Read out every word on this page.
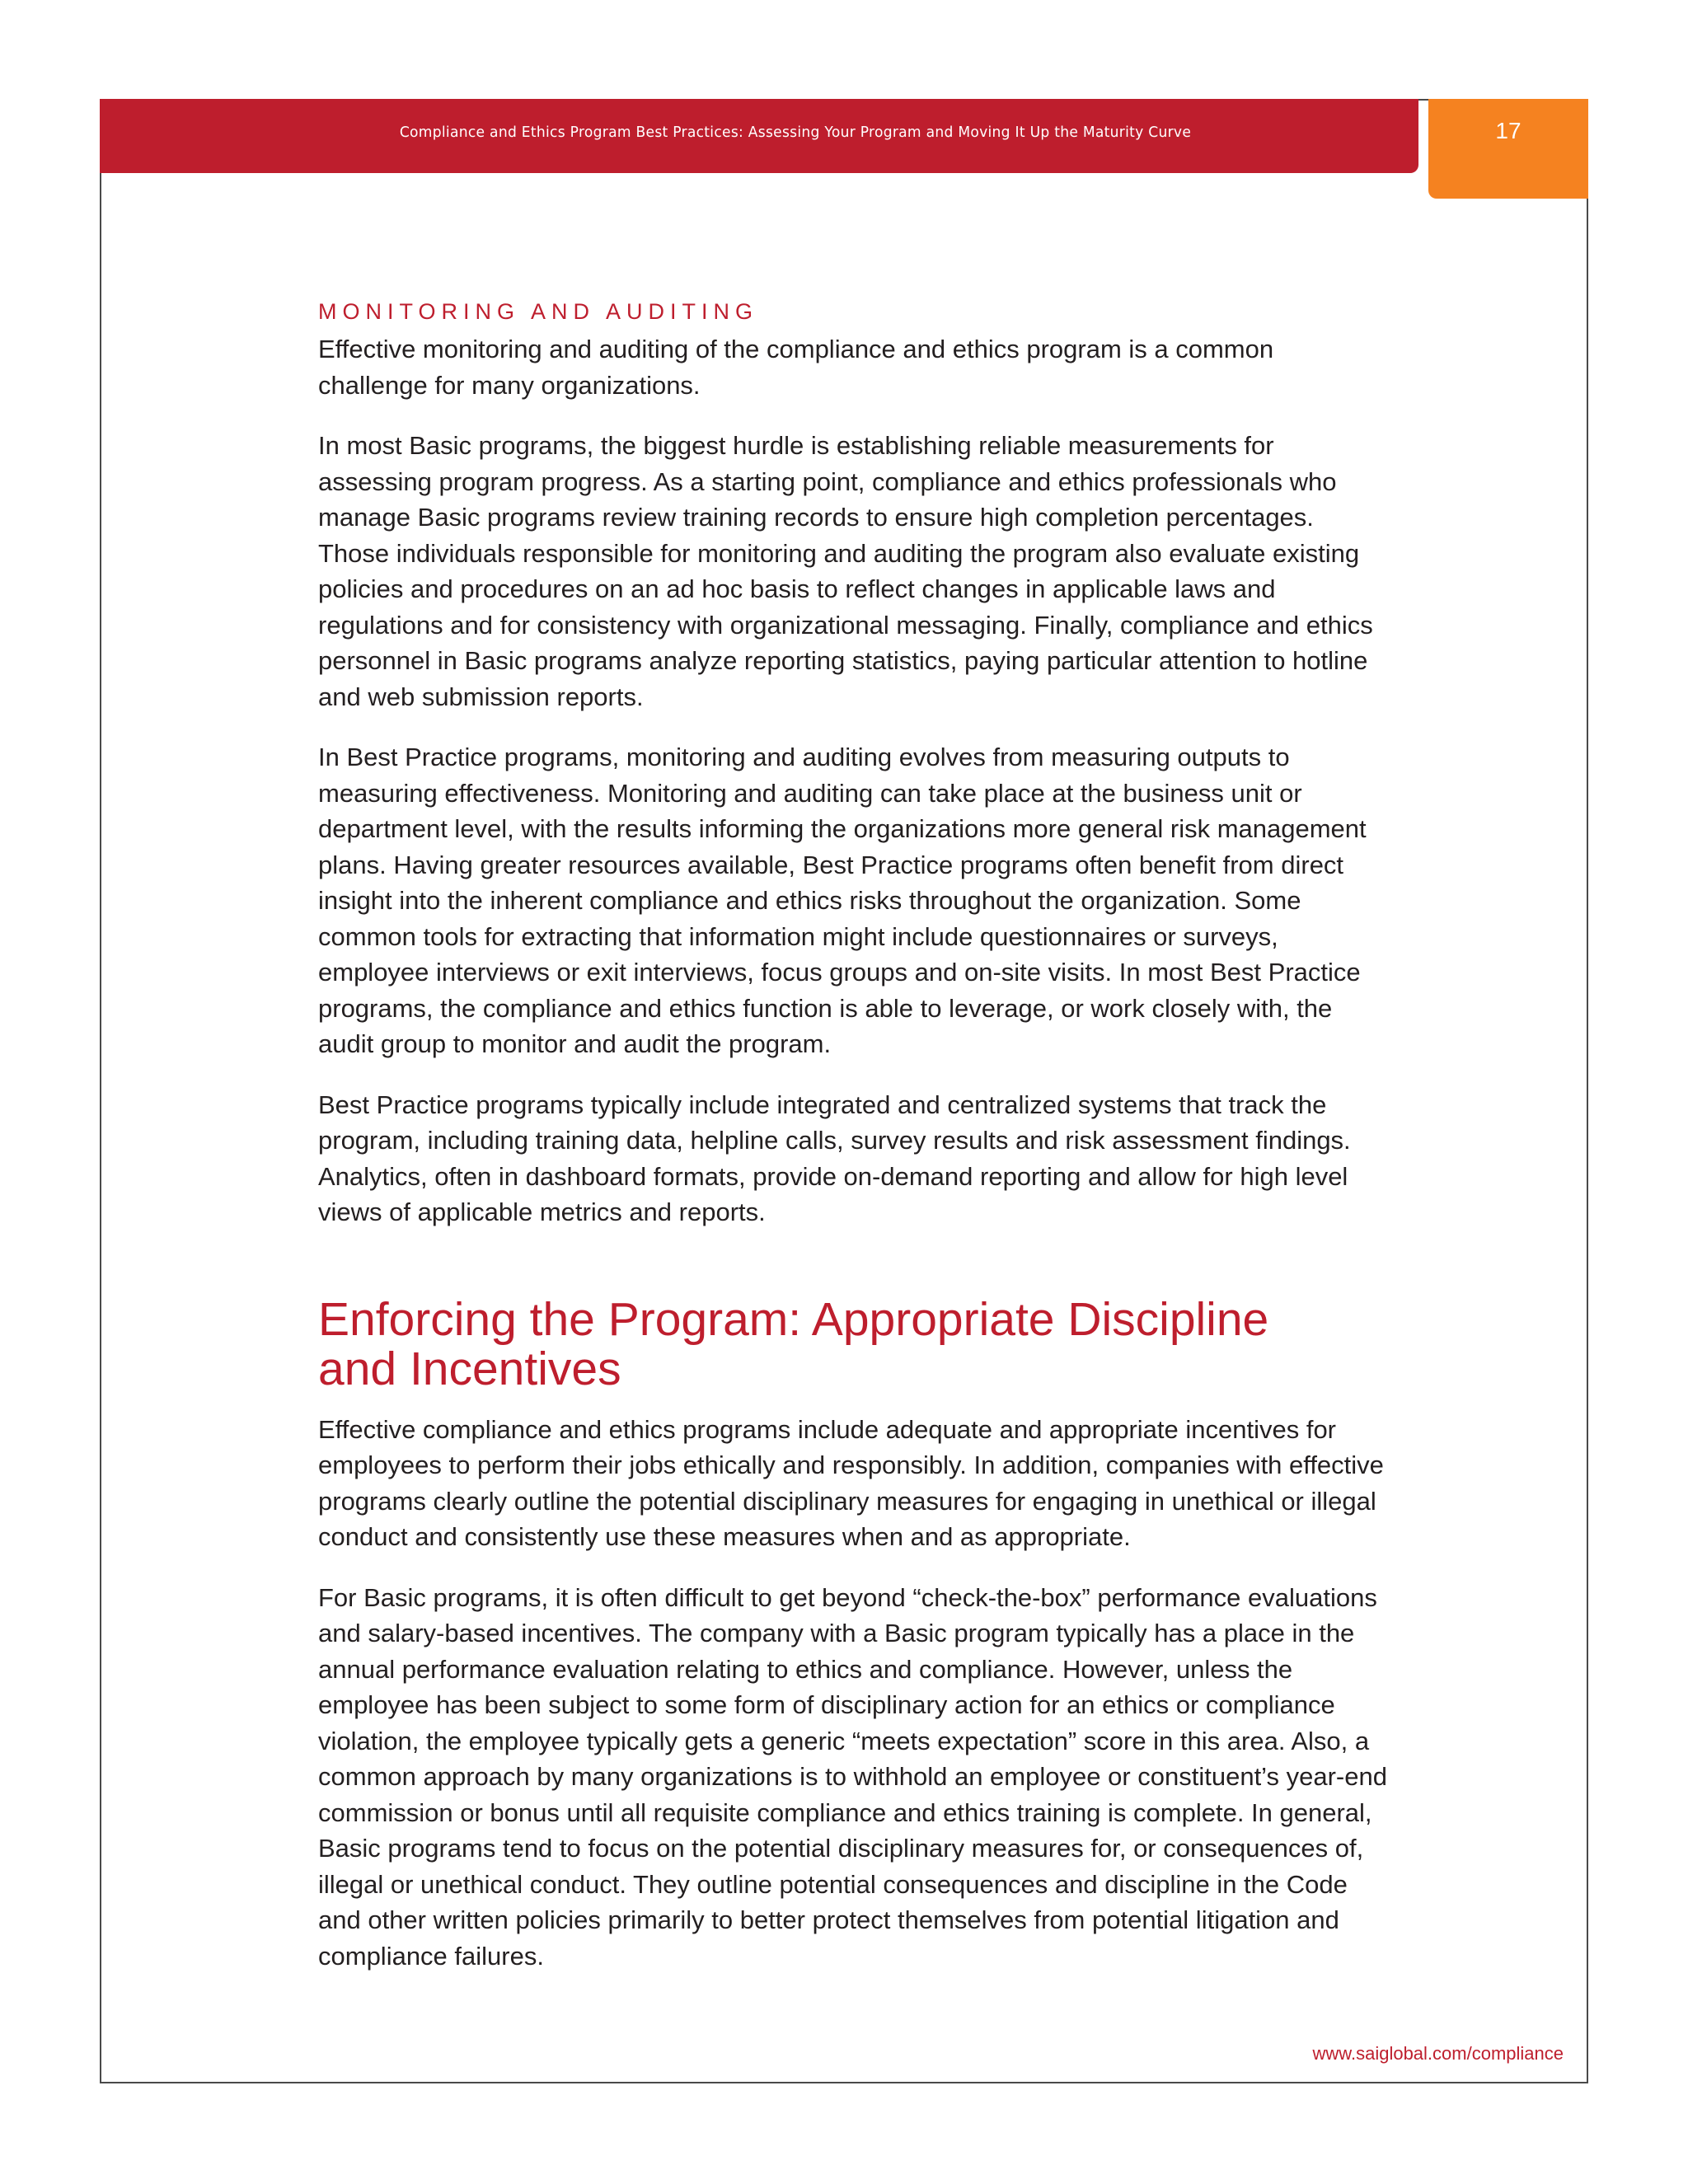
Compliance and Ethics Program Best Practices: Assessing Your Program and Moving It Up the Maturity Curve	17
MONITORING AND AUDITING

Effective monitoring and auditing of the compliance and ethics program is a common challenge for many organizations.

In most Basic programs, the biggest hurdle is establishing reliable measurements for assessing program progress. As a starting point, compliance and ethics professionals who manage Basic programs review training records to ensure high completion percentages. Those individuals responsible for monitoring and auditing the program also evaluate existing policies and procedures on an ad hoc basis to reflect changes in applicable laws and regulations and for consistency with organizational messaging. Finally, compliance and ethics personnel in Basic programs analyze reporting statistics, paying particular attention to hotline and web submission reports.

In Best Practice programs, monitoring and auditing evolves from measuring outputs to measuring effectiveness. Monitoring and auditing can take place at the business unit or department level, with the results informing the organizations more general risk management plans. Having greater resources available, Best Practice programs often benefit from direct insight into the inherent compliance and ethics risks throughout the organization. Some common tools for extracting that information might include questionnaires or surveys, employee interviews or exit interviews, focus groups and on-site visits. In most Best Practice programs, the compliance and ethics function is able to leverage, or work closely with, the audit group to monitor and audit the program.

Best Practice programs typically include integrated and centralized systems that track the program, including training data, helpline calls, survey results and risk assessment findings. Analytics, often in dashboard formats, provide on-demand reporting and allow for high level views of applicable metrics and reports.

Enforcing the Program: Appropriate Discipline and Incentives

Effective compliance and ethics programs include adequate and appropriate incentives for employees to perform their jobs ethically and responsibly. In addition, companies with effective programs clearly outline the potential disciplinary measures for engaging in unethical or illegal conduct and consistently use these measures when and as appropriate.

For Basic programs, it is often difficult to get beyond “check-the-box” performance evaluations and salary-based incentives. The company with a Basic program typically has a place in the annual performance evaluation relating to ethics and compliance. However, unless the employee has been subject to some form of disciplinary action for an ethics or compliance violation, the employee typically gets a generic “meets expectation” score in this area. Also, a common approach by many organizations is to withhold an employee or constituent’s year-end commission or bonus until all requisite compliance and ethics training is complete. In general, Basic programs tend to focus on the potential disciplinary measures for, or consequences of, illegal or unethical conduct. They outline potential consequences and discipline in the Code and other written policies primarily to better protect themselves from potential litigation and compliance failures.

www.saiglobal.com/compliance
